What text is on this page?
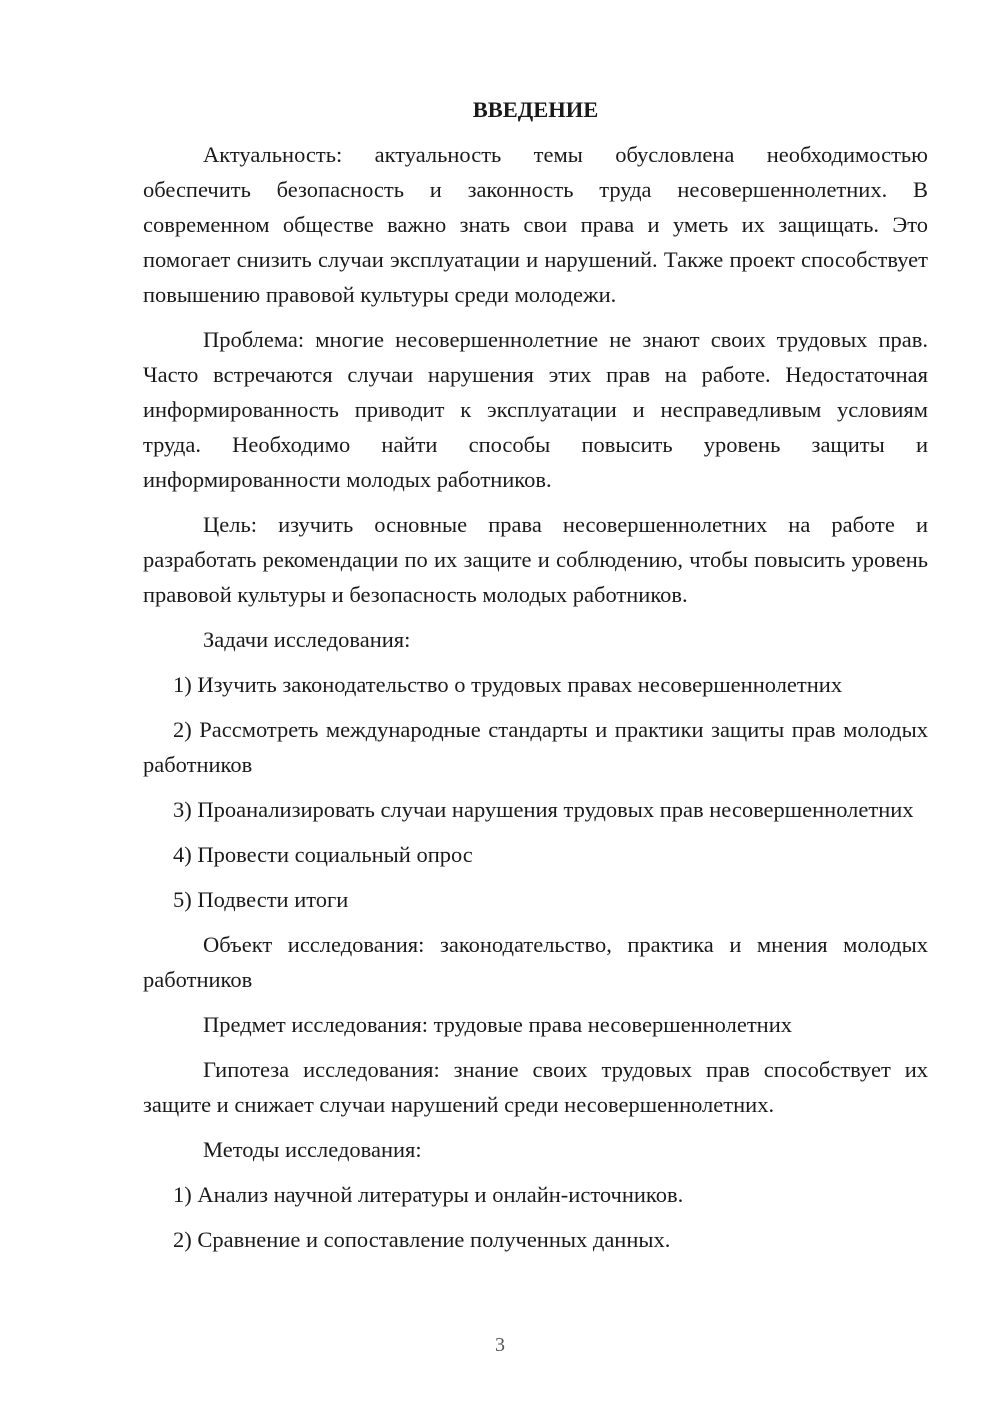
ВВЕДЕНИЕ

Актуальность: актуальность темы обусловлена необходимостью обеспечить безопасность и законность труда несовершеннолетних. В современном обществе важно знать свои права и уметь их защищать. Это помогает снизить случаи эксплуатации и нарушений. Также проект способствует повышению правовой культуры среди молодежи.

Проблема: многие несовершеннолетние не знают своих трудовых прав. Часто встречаются случаи нарушения этих прав на работе. Недостаточная информированность приводит к эксплуатации и несправедливым условиям труда. Необходимо найти способы повысить уровень защиты и информированности молодых работников.

Цель: изучить основные права несовершеннолетних на работе и разработать рекомендации по их защите и соблюдению, чтобы повысить уровень правовой культуры и безопасность молодых работников.

Задачи исследования:

1) Изучить законодательство о трудовых правах несовершеннолетних

2) Рассмотреть международные стандарты и практики защиты прав молодых работников

3) Проанализировать случаи нарушения трудовых прав несовершеннолетних

4) Провести социальный опрос

5) Подвести итоги

Объект исследования: законодательство, практика и мнения молодых работников

Предмет исследования: трудовые права несовершеннолетних

Гипотеза исследования: знание своих трудовых прав способствует их защите и снижает случаи нарушений среди несовершеннолетних.

Методы исследования:

1) Анализ научной литературы и онлайн-источников.

2) Сравнение и сопоставление полученных данных.

3
